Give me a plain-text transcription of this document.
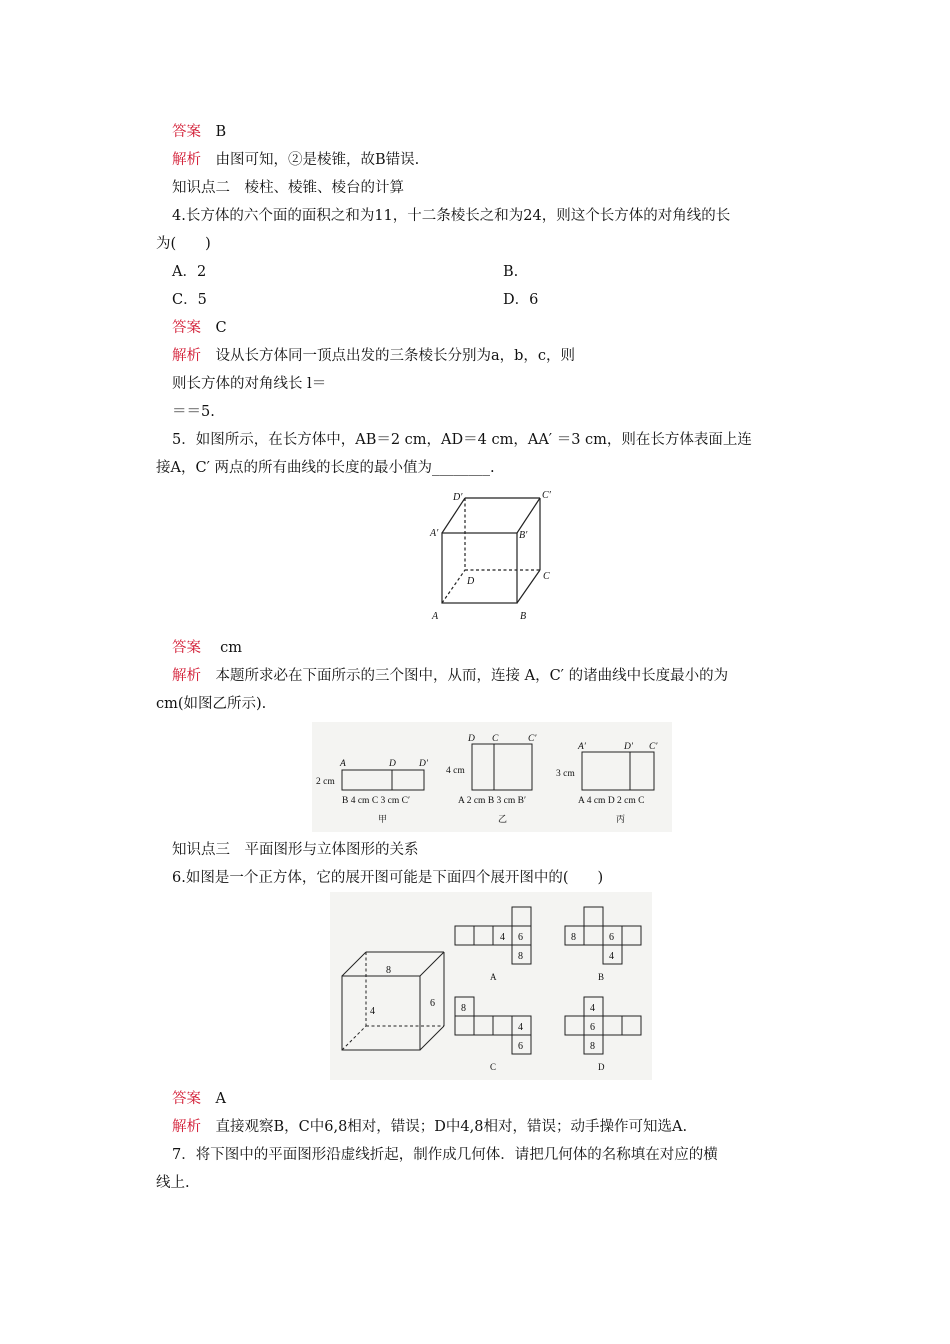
答案　 B
解析　 由图可知，②是棱锥，故B错误.
知识点二　棱柱、棱锥、棱台的计算
4.长方体的六个面的面积之和为11，十二条棱长之和为24，则这个长方体的对角线的长
为(　　)
A．2	B.
C．5	D．6
答案　 C
解析　 设从长方体同一顶点出发的三条棱长分别为a，b，c，则
则长方体的对角线长 l＝
＝＝5.
5．如图所示，在长方体中，AB＝2 cm，AD＝4 cm，AA′ ＝3 cm，则在长方体表面上连
接A，C′ 两点的所有曲线的长度的最小值为________.
D′	C′
A′	B′
D	C
A	B
答案　 cm
解析　 本题所求必在下面所示的三个图中，从而，连接 A，C′ 的诸曲线中长度最小的为
cm(如图乙所示).
A	D D′
2 cm
B 4 cm C 3 cm C′
甲
D C	C′
4 cm
A 2 cm B 3 cm B′
乙
A′	D′ C′
3 cm
A 4 cm D 2 cm C
丙
知识点三　平面图形与立体图形的关系
6.如图是一个正方体，它的展开图可能是下面四个展开图中的(　　)
8
6
4
4 6
8
A
8	6
4
B
8
4
6
C
4
6
8
D
答案　 A
解析　 直接观察B，C中6,8相对，错误；D中4,8相对，错误；动手操作可知选A.
7．将下图中的平面图形沿虚线折起，制作成几何体．请把几何体的名称填在对应的横
线上.
